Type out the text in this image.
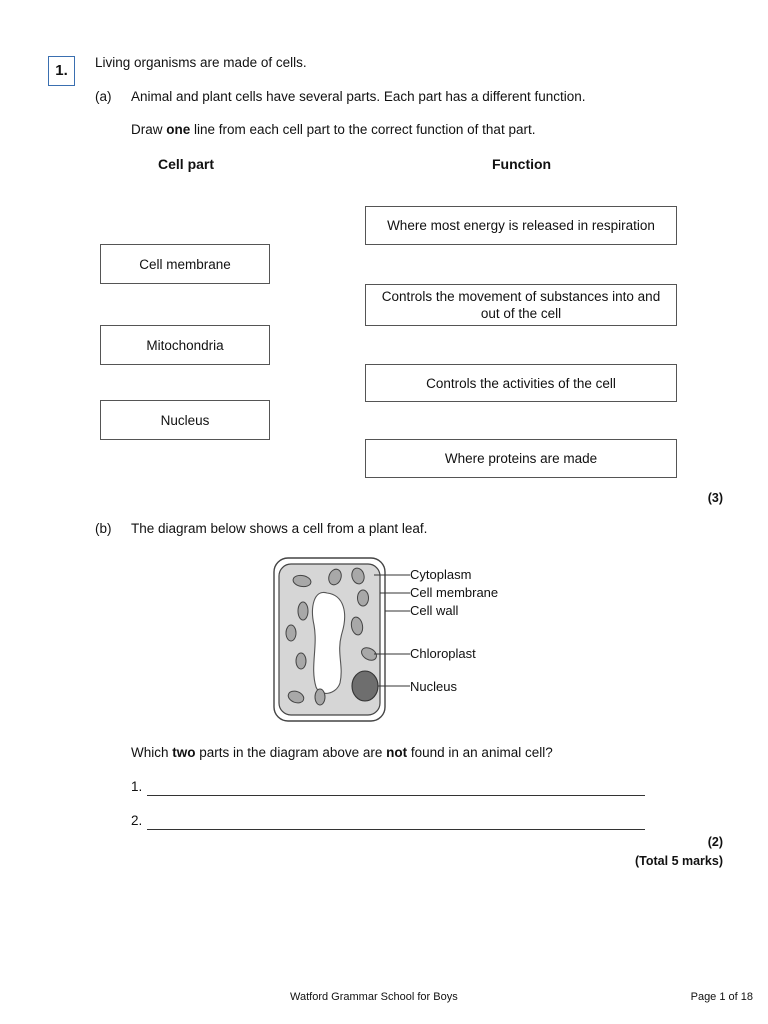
1.	Living organisms are made of cells.
(a) Animal and plant cells have several parts. Each part has a different function.
Draw one line from each cell part to the correct function of that part.
Cell part	Function
Cell membrane
Mitochondria
Nucleus
Where most energy is released in respiration
Controls the movement of substances into and out of the cell
Controls the activities of the cell
Where proteins are made
(3)
(b) The diagram below shows a cell from a plant leaf.
Cytoplasm
Cell membrane
Cell wall
Chloroplast
Nucleus
Which two parts in the diagram above are not found in an animal cell?
1.
2.
(2)
(Total 5 marks)
Watford Grammar School for Boys	Page 1 of 18
